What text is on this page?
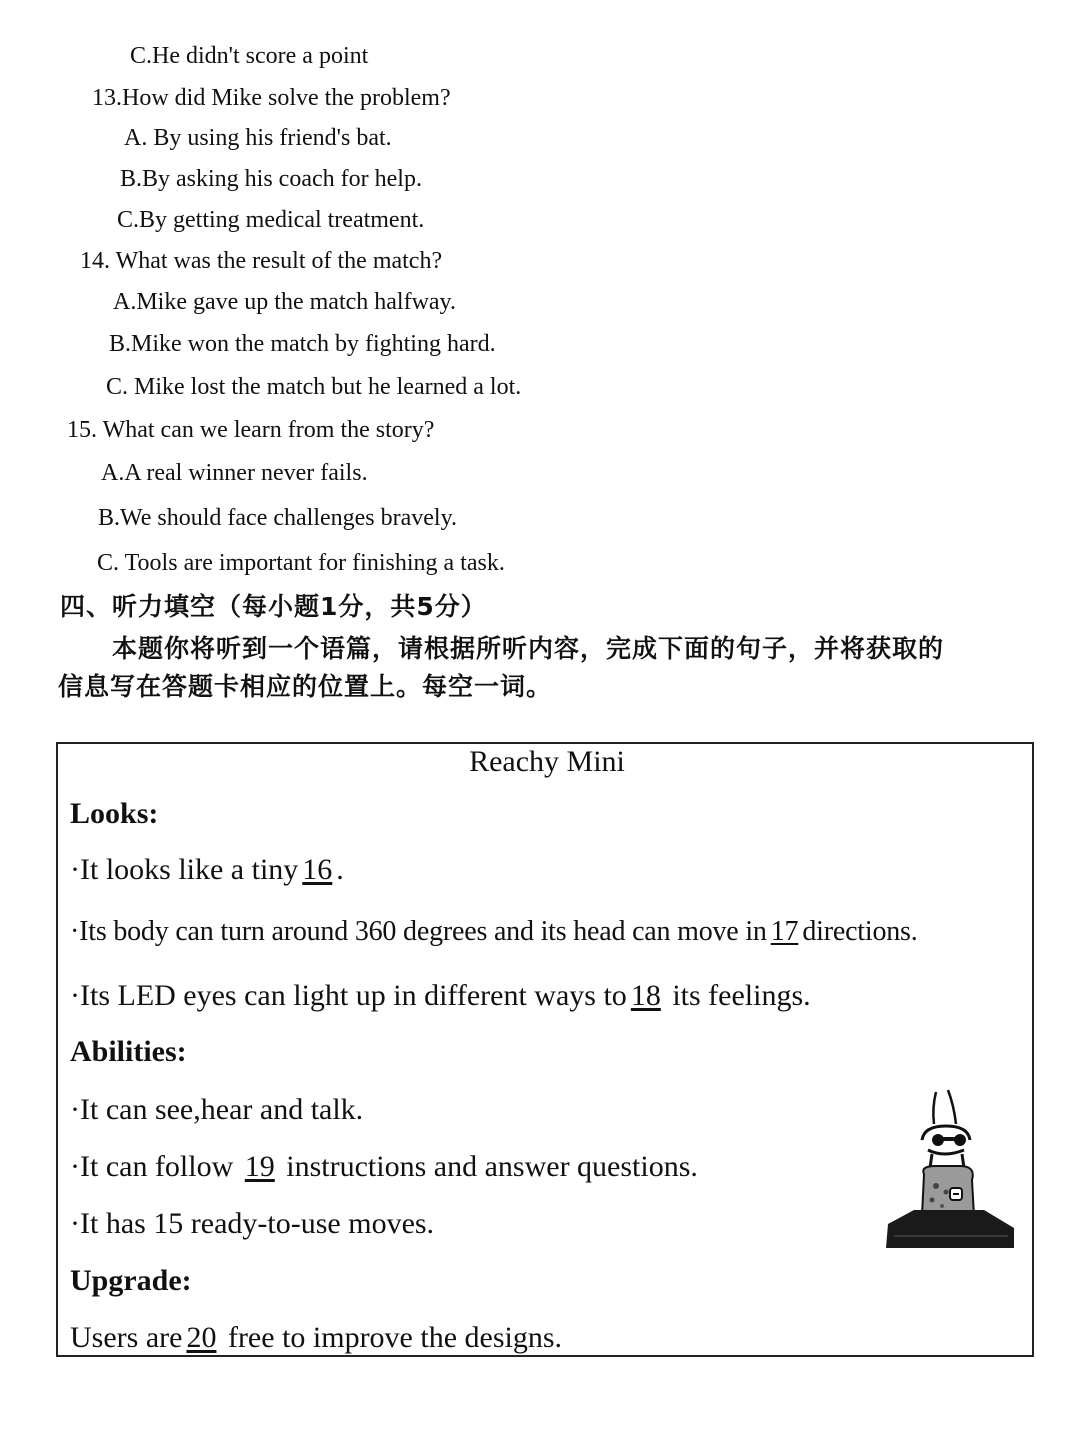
C.He didn't score a point
13.How did Mike solve the problem?
A. By using his friend's bat.
B.By asking his coach for help.
C.By getting medical treatment.
14. What was the result of the match?
A.Mike gave up the match halfway.
B.Mike won the match by fighting hard.
C. Mike lost the match but he learned a lot.
15. What can we learn from the story?
A.A real winner never fails.
B.We should face challenges bravely.
C. Tools are important for finishing a task.
四、听力填空（每小题1分，共5分）
本题你将听到一个语篇，请根据所听内容，完成下面的句子，并将获取的
信息写在答题卡相应的位置上。每空一词。
Reachy Mini
Looks:
·It looks like a tiny 16 .
·Its body can turn around 360 degrees and its head can move in 17 directions.
·Its LED eyes can light up in different ways to 18 its feelings.
Abilities:
·It can see,hear and talk.
·It can follow 19 instructions and answer questions.
·It has 15 ready-to-use moves.
Upgrade:
Users are 20 free to improve the designs.
